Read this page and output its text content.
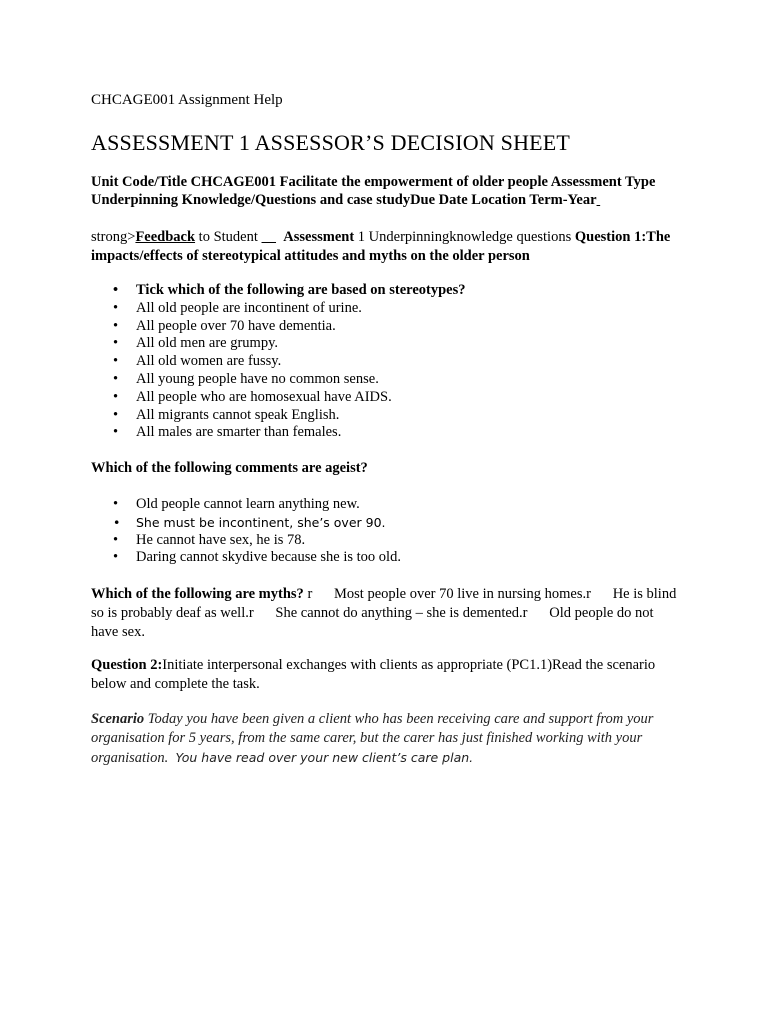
CHCAGE001 Assignment Help

ASSESSMENT 1 ASSESSOR’S DECISION SHEET

Unit Code/Title CHCAGE001 Facilitate the empowerment of older people Assessment Type Underpinning Knowledge/Questions and case studyDue Date Location Term-Year

strong>Feedback to Student       Assessment 1 Underpinningknowledge questions Question 1:The impacts/effects of stereotypical attitudes and myths on the older person

• Tick which of the following are based on stereotypes?
• All old people are incontinent of urine.
• All people over 70 have dementia.
• All old men are grumpy.
• All old women are fussy.
• All young people have no common sense.
• All people who are homosexual have AIDS.
• All migrants cannot speak English.
• All males are smarter than females.

Which of the following comments are ageist?

• Old people cannot learn anything new.
• She must be incontinent, she’s over 90.
• He cannot have sex, he is 78.
• Daring cannot skydive because she is too old.

Which of the following are myths? r      Most people over 70 live in nursing homes.r      He is blind so is probably deaf as well.r      She cannot do anything – she is demented.r      Old people do not have sex.

Question 2:Initiate interpersonal exchanges with clients as appropriate (PC1.1)Read the scenario below and complete the task.

Scenario Today you have been given a client who has been receiving care and support from your organisation for 5 years, from the same carer, but the carer has just finished working with your organisation.  You have read over your new client’s care plan.
